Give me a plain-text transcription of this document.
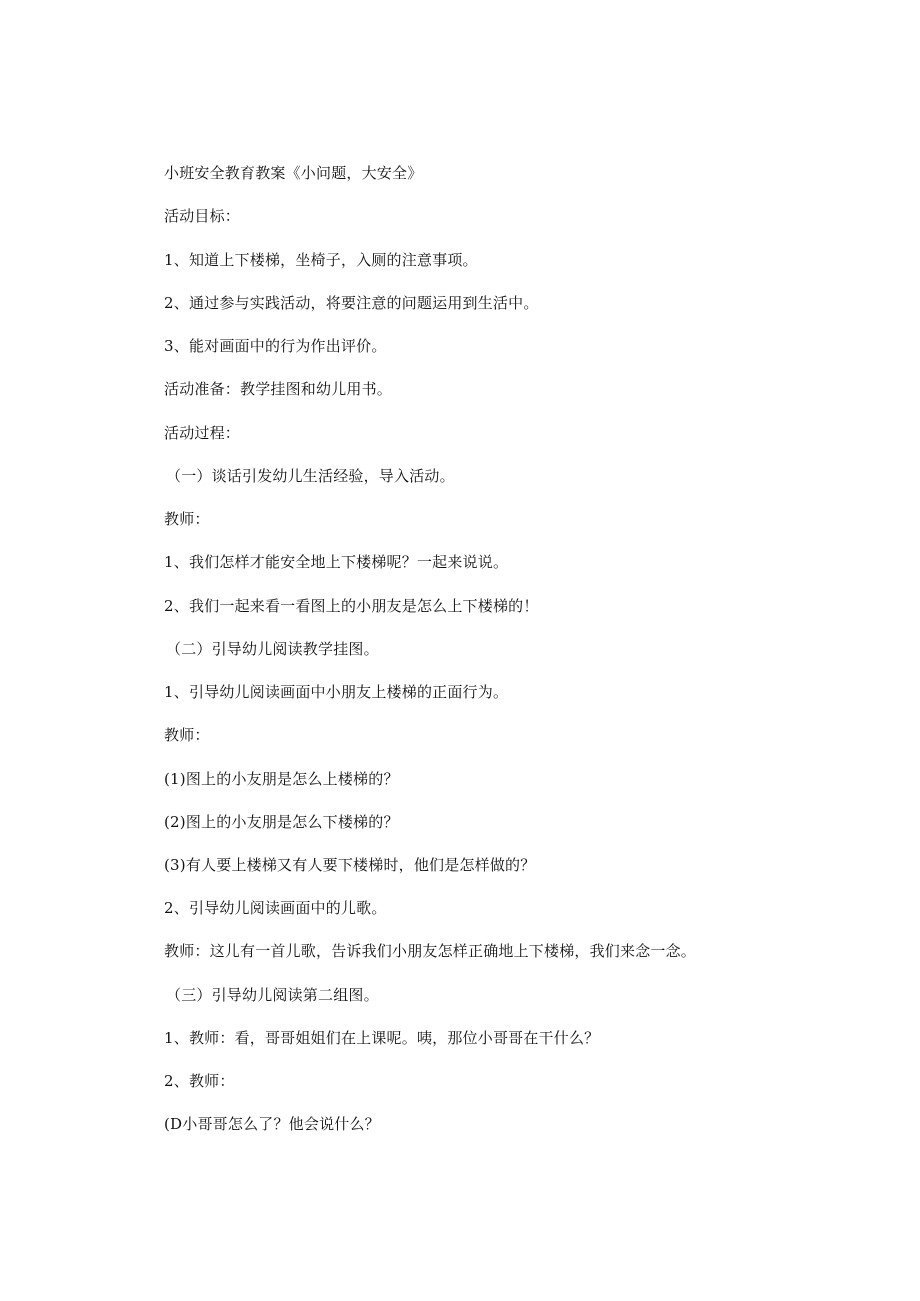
小班安全教育教案《小问题，大安全》
活动目标：
1、知道上下楼梯，坐椅子，入厕的注意事项。
2、通过参与实践活动，将要注意的问题运用到生活中。
3、能对画面中的行为作出评价。
活动准备：教学挂图和幼儿用书。
活动过程：
（一）谈话引发幼儿生活经验，导入活动。
教师：
1、我们怎样才能安全地上下楼梯呢？一起来说说。
2、我们一起来看一看图上的小朋友是怎么上下楼梯的！
（二）引导幼儿阅读教学挂图。
1、引导幼儿阅读画面中小朋友上楼梯的正面行为。
教师：
(1)图上的小友朋是怎么上楼梯的？
(2)图上的小友朋是怎么下楼梯的？
(3)有人要上楼梯又有人要下楼梯时，他们是怎样做的？
2、引导幼儿阅读画面中的儿歌。
教师：这儿有一首儿歌，告诉我们小朋友怎样正确地上下楼梯，我们来念一念。
（三）引导幼儿阅读第二组图。
1、教师：看，哥哥姐姐们在上课呢。咦，那位小哥哥在干什么？
2、教师：
(D小哥哥怎么了？他会说什么？
